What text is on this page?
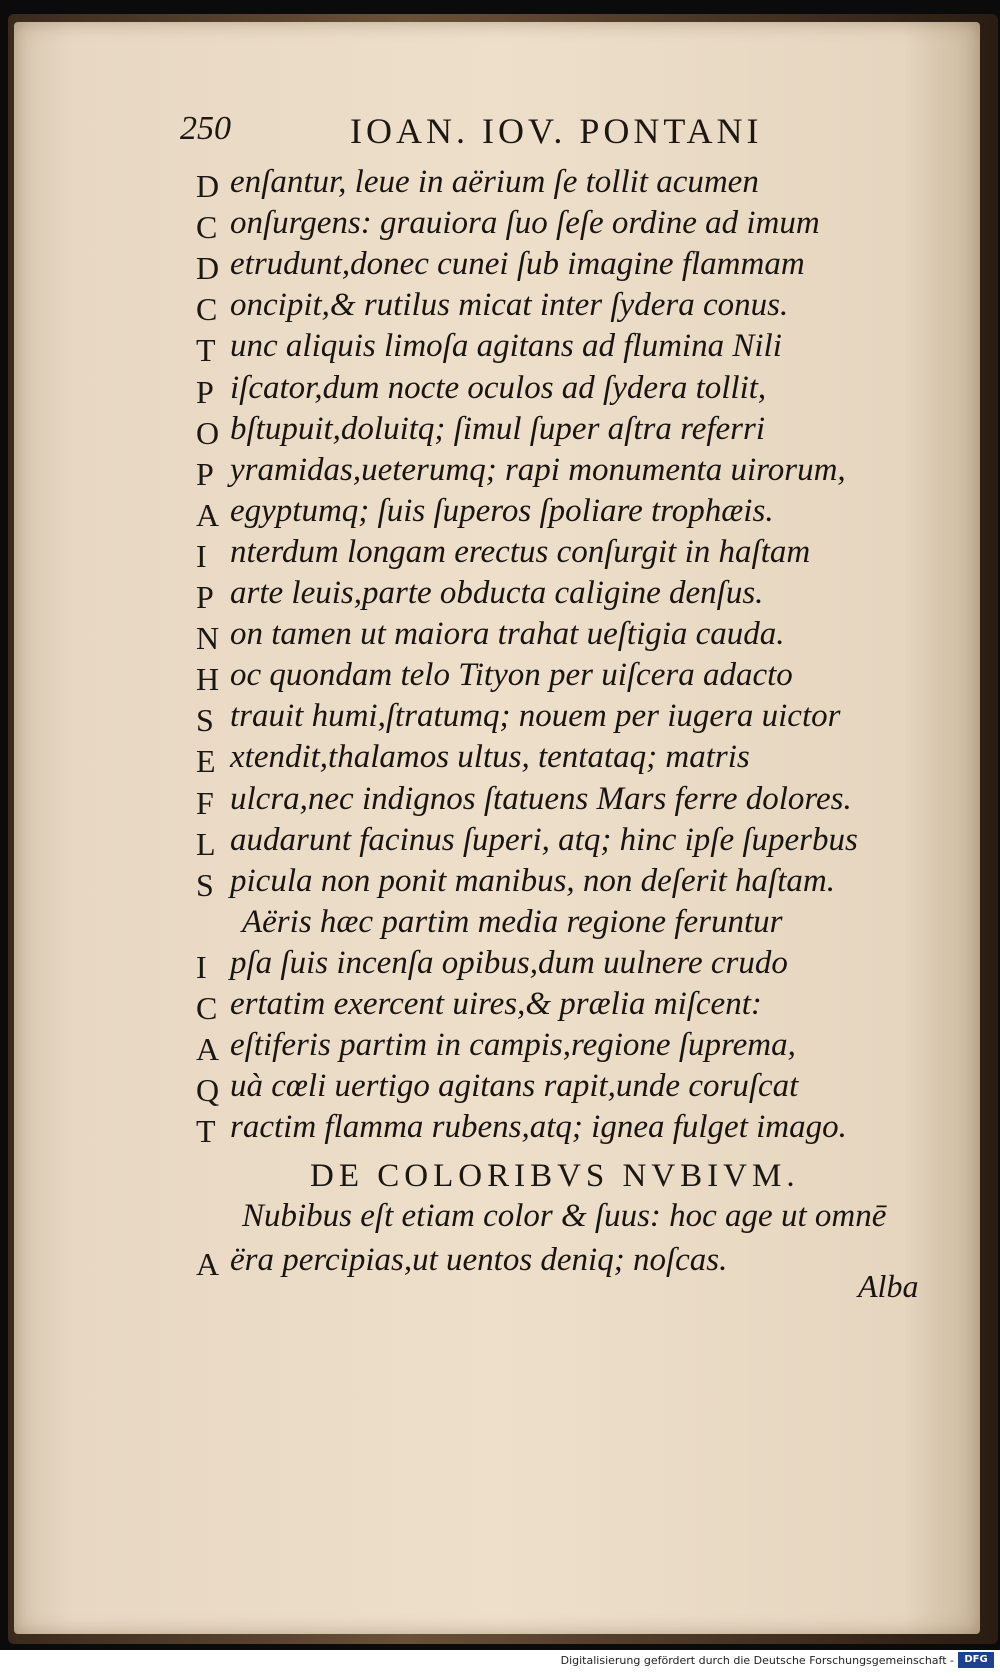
250	IOAN. IOV. PONTANI
D enſantur, leue in aërium ſe tollit acumen
C onſurgens: grauiora ſuo ſeſe ordine ad imum
D etrudunt,donec cunei ſub imagine flammam
C oncipit,& rutilus micat inter ſydera conus.
T unc aliquis limoſa agitans ad flumina Nili
P iſcator,dum nocte oculos ad ſydera tollit,
O bſtupuit,doluitq; ſimul ſuper aſtra referri
P yramidas,ueterumq; rapi monumenta uirorum,
A egyptumq; ſuis ſuperos ſpoliare trophæis.
I nterdum longam erectus conſurgit in haſtam
P arte leuis,parte obducta caligine denſus.
N on tamen ut maiora trahat ueſtigia cauda.
H oc quondam telo Tityon per uiſcera adacto
S trauit humi,ſtratumq; nouem per iugera uictor
E xtendit,thalamos ultus, tentataq; matris
F ulcra,nec indignos ſtatuens Mars ferre dolores.
L audarunt facinus ſuperi, atq; hinc ipſe ſuperbus
S picula non ponit manibus, non deſerit haſtam.
Aëris hæc partim media regione feruntur
I pſa ſuis incenſa opibus,dum uulnere crudo
C ertatim exercent uires,& prælia miſcent:
A eſtiferis partim in campis,regione ſuprema,
Q uà cœli uertigo agitans rapit,unde coruſcat
T ractim flamma rubens,atq; ignea fulget imago.
DE COLORIBVS NVBIVM.
Nubibus eſt etiam color & ſuus: hoc age ut omnē
A ëra percipias,ut uentos deniq; noſcas.
Alba
Digitalisierung gefördert durch die Deutsche Forschungsgemeinschaft -	DFG
